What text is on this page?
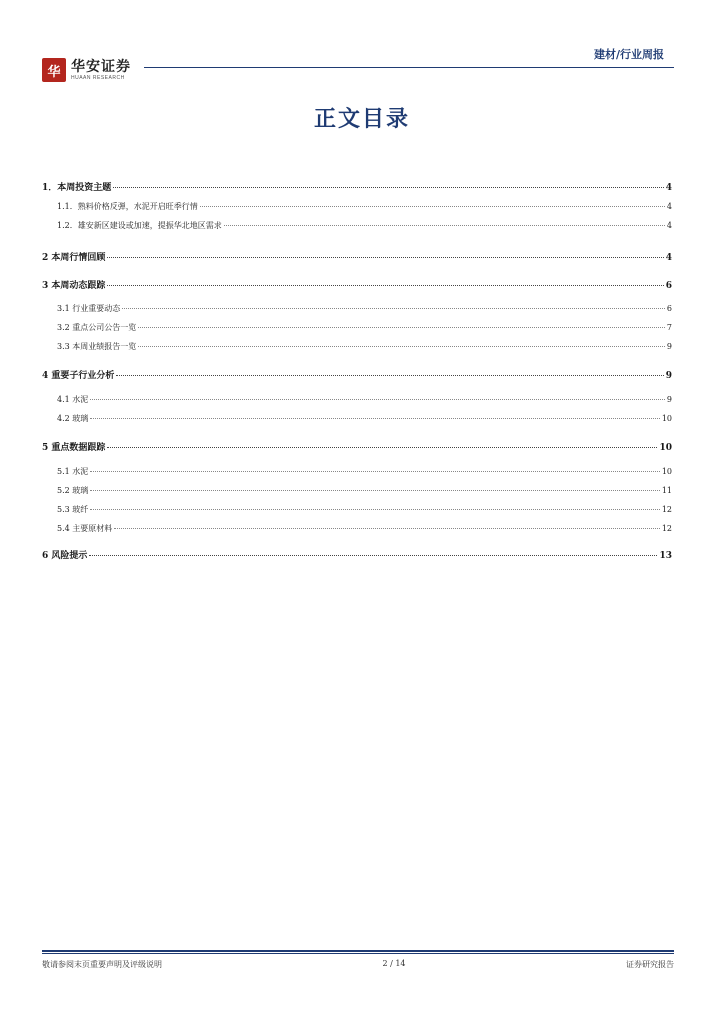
华 华安证券
HUAAN RESEARCH
建材/行业周报
正文目录
1．本周投资主题	4
1.1．熟料价格反弹，水泥开启旺季行情	4
1.2．雄安新区建设或加速，提振华北地区需求	4
2 本周行情回顾	4
3 本周动态跟踪	6
3.1 行业重要动态	6
3.2 重点公司公告一览	7
3.3 本周业绩报告一览	9
4 重要子行业分析	9
4.1 水泥	9
4.2 玻璃	10
5 重点数据跟踪	10
5.1 水泥	10
5.2 玻璃	11
5.3 玻纤	12
5.4 主要原材料	12
6 风险提示	13
敬请参阅末页重要声明及评级说明	2 / 14	证券研究报告
